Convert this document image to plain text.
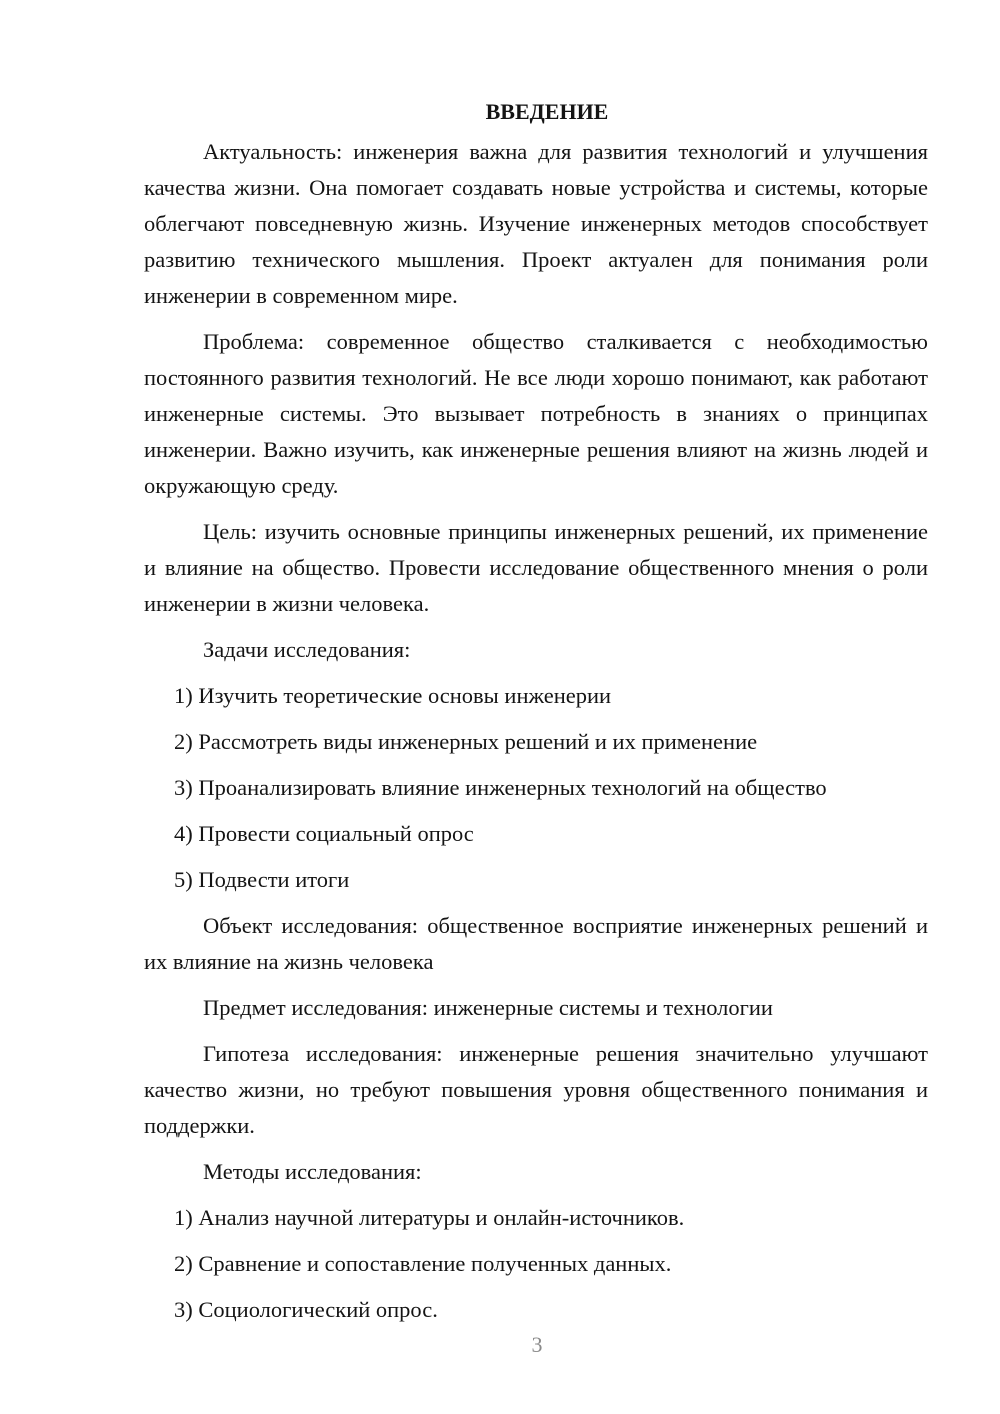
ВВЕДЕНИЕ

Актуальность: инженерия важна для развития технологий и улучшения качества жизни. Она помогает создавать новые устройства и системы, которые облегчают повседневную жизнь. Изучение инженерных методов способствует развитию технического мышления. Проект актуален для понимания роли инженерии в современном мире.

Проблема: современное общество сталкивается с необходимостью постоянного развития технологий. Не все люди хорошо понимают, как работают инженерные системы. Это вызывает потребность в знаниях о принципах инженерии. Важно изучить, как инженерные решения влияют на жизнь людей и окружающую среду.

Цель: изучить основные принципы инженерных решений, их применение и влияние на общество. Провести исследование общественного мнения о роли инженерии в жизни человека.

Задачи исследования:

1) Изучить теоретические основы инженерии
2) Рассмотреть виды инженерных решений и их применение
3) Проанализировать влияние инженерных технологий на общество
4) Провести социальный опрос
5) Подвести итоги

Объект исследования: общественное восприятие инженерных решений и их влияние на жизнь человека

Предмет исследования: инженерные системы и технологии

Гипотеза исследования: инженерные решения значительно улучшают качество жизни, но требуют повышения уровня общественного понимания и поддержки.

Методы исследования:

1) Анализ научной литературы и онлайн-источников.
2) Сравнение и сопоставление полученных данных.
3) Социологический опрос.
3
